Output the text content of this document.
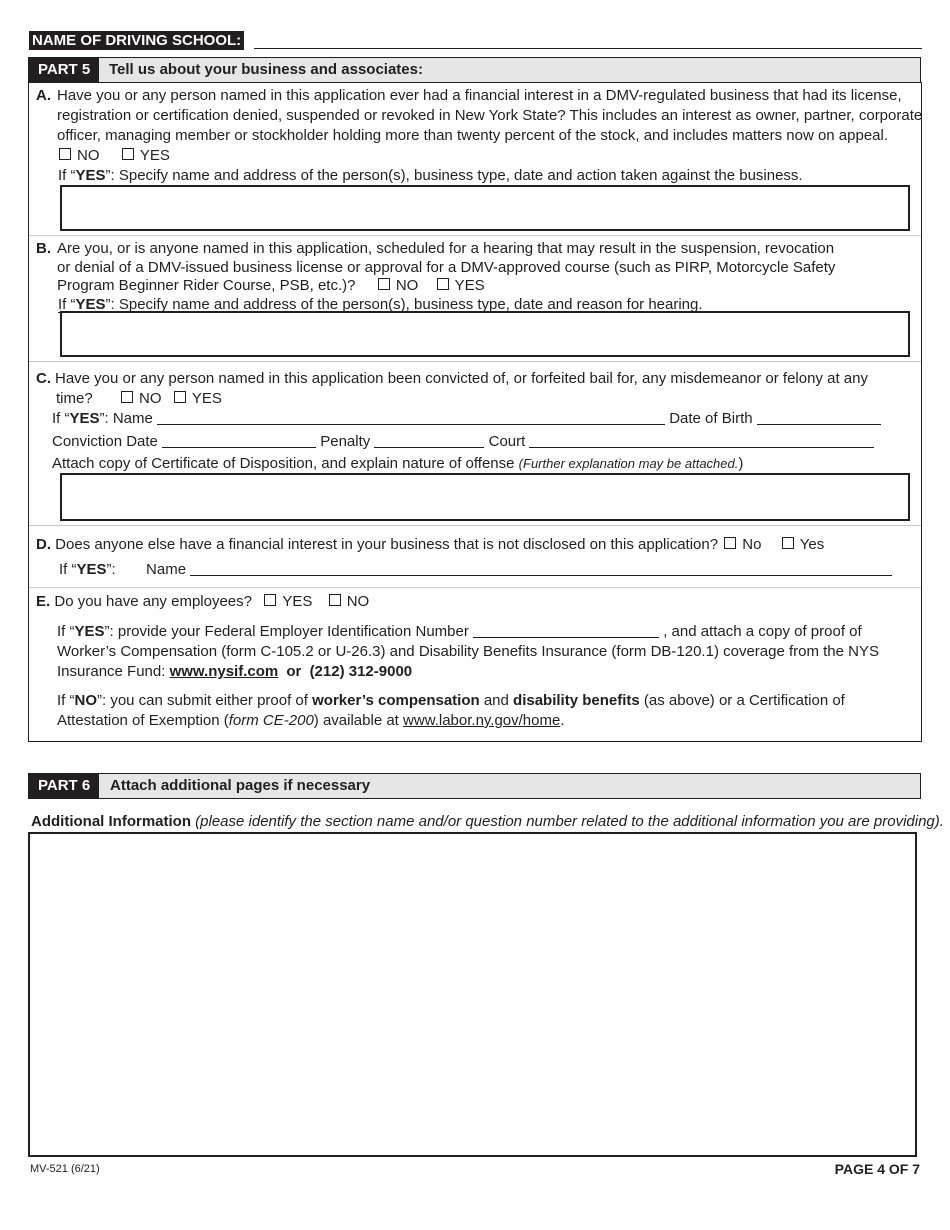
NAME OF DRIVING SCHOOL:
PART 5	Tell us about your business and associates:
A. Have you or any person named in this application ever had a financial interest in a DMV-regulated business that had its license,
registration or certification denied, suspended or revoked in New York State? This includes an interest as owner, partner, corporate
officer, managing member or stockholder holding more than twenty percent of the stock, and includes matters now on appeal.
NO	YES
If “YES”: Specify name and address of the person(s), business type, date and action taken against the business.
B. Are you, or is anyone named in this application, scheduled for a hearing that may result in the suspension, revocation
or denial of a DMV-issued business license or approval for a DMV-approved course (such as PIRP, Motorcycle Safety
Program Beginner Rider Course, PSB, etc.)?	NO YES
If “YES”: Specify name and address of the person(s), business type, date and reason for hearing.
C. Have you or any person named in this application been convicted of, or forfeited bail for, any misdemeanor or felony at any
time?	NO YES
If “YES”: Name	Date of Birth
Conviction Date	Penalty	Court
Attach copy of Certificate of Disposition, and explain nature of offense (Further explanation may be attached.)
D. Does anyone else have a financial interest in your business that is not disclosed on this application? No	Yes
If “YES”: Name
E. Do you have any employees? YES NO
If “YES”: provide your Federal Employer Identification Number	, and attach a copy of proof of
Worker’s Compensation (form C-105.2 or U-26.3) and Disability Benefits Insurance (form DB-120.1) coverage from the NYS
Insurance Fund: www.nysif.com or (212) 312-9000
If “NO”: you can submit either proof of worker’s compensation and disability benefits (as above) or a Certification of
Attestation of Exemption (form CE-200) available at www.labor.ny.gov/home.
PART 6	Attach additional pages if necessary
Additional Information (please identify the section name and/or question number related to the additional information you are providing).
MV-521 (6/21)	PAGE 4 OF 7
